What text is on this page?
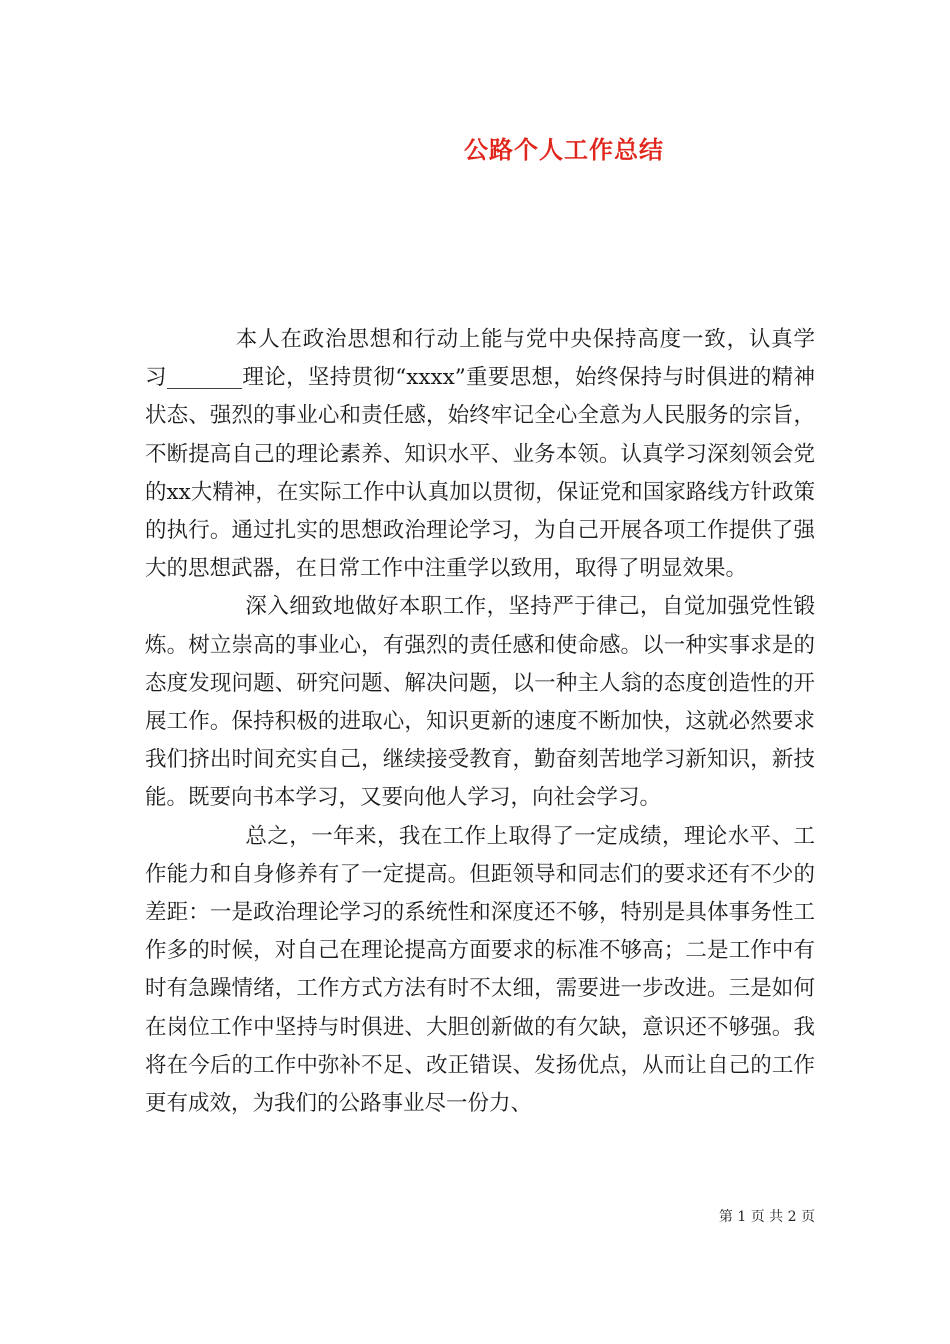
公路个人工作总结

本人在政治思想和行动上能与党中央保持高度一致，认真学习_______理论，坚持贯彻“xxxx”重要思想，始终保持与时俱进的精神状态、强烈的事业心和责任感，始终牢记全心全意为人民服务的宗旨，不断提高自己的理论素养、知识水平、业务本领。认真学习深刻领会党的xx大精神，在实际工作中认真加以贯彻，保证党和国家路线方针政策的执行。通过扎实的思想政治理论学习，为自己开展各项工作提供了强大的思想武器，在日常工作中注重学以致用，取得了明显效果。

深入细致地做好本职工作，坚持严于律己，自觉加强党性锻炼。树立崇高的事业心，有强烈的责任感和使命感。以一种实事求是的态度发现问题、研究问题、解决问题，以一种主人翁的态度创造性的开展工作。保持积极的进取心，知识更新的速度不断加快，这就必然要求我们挤出时间充实自己，继续接受教育，勤奋刻苦地学习新知识，新技能。既要向书本学习，又要向他人学习，向社会学习。

总之，一年来，我在工作上取得了一定成绩，理论水平、工作能力和自身修养有了一定提高。但距领导和同志们的要求还有不少的差距：一是政治理论学习的系统性和深度还不够，特别是具体事务性工作多的时候，对自己在理论提高方面要求的标准不够高；二是工作中有时有急躁情绪，工作方式方法有时不太细，需要进一步改进。三是如何在岗位工作中坚持与时俱进、大胆创新做的有欠缺，意识还不够强。我将在今后的工作中弥补不足、改正错误、发扬优点，从而让自己的工作更有成效，为我们的公路事业尽一份力、

第 1 页 共 2 页
